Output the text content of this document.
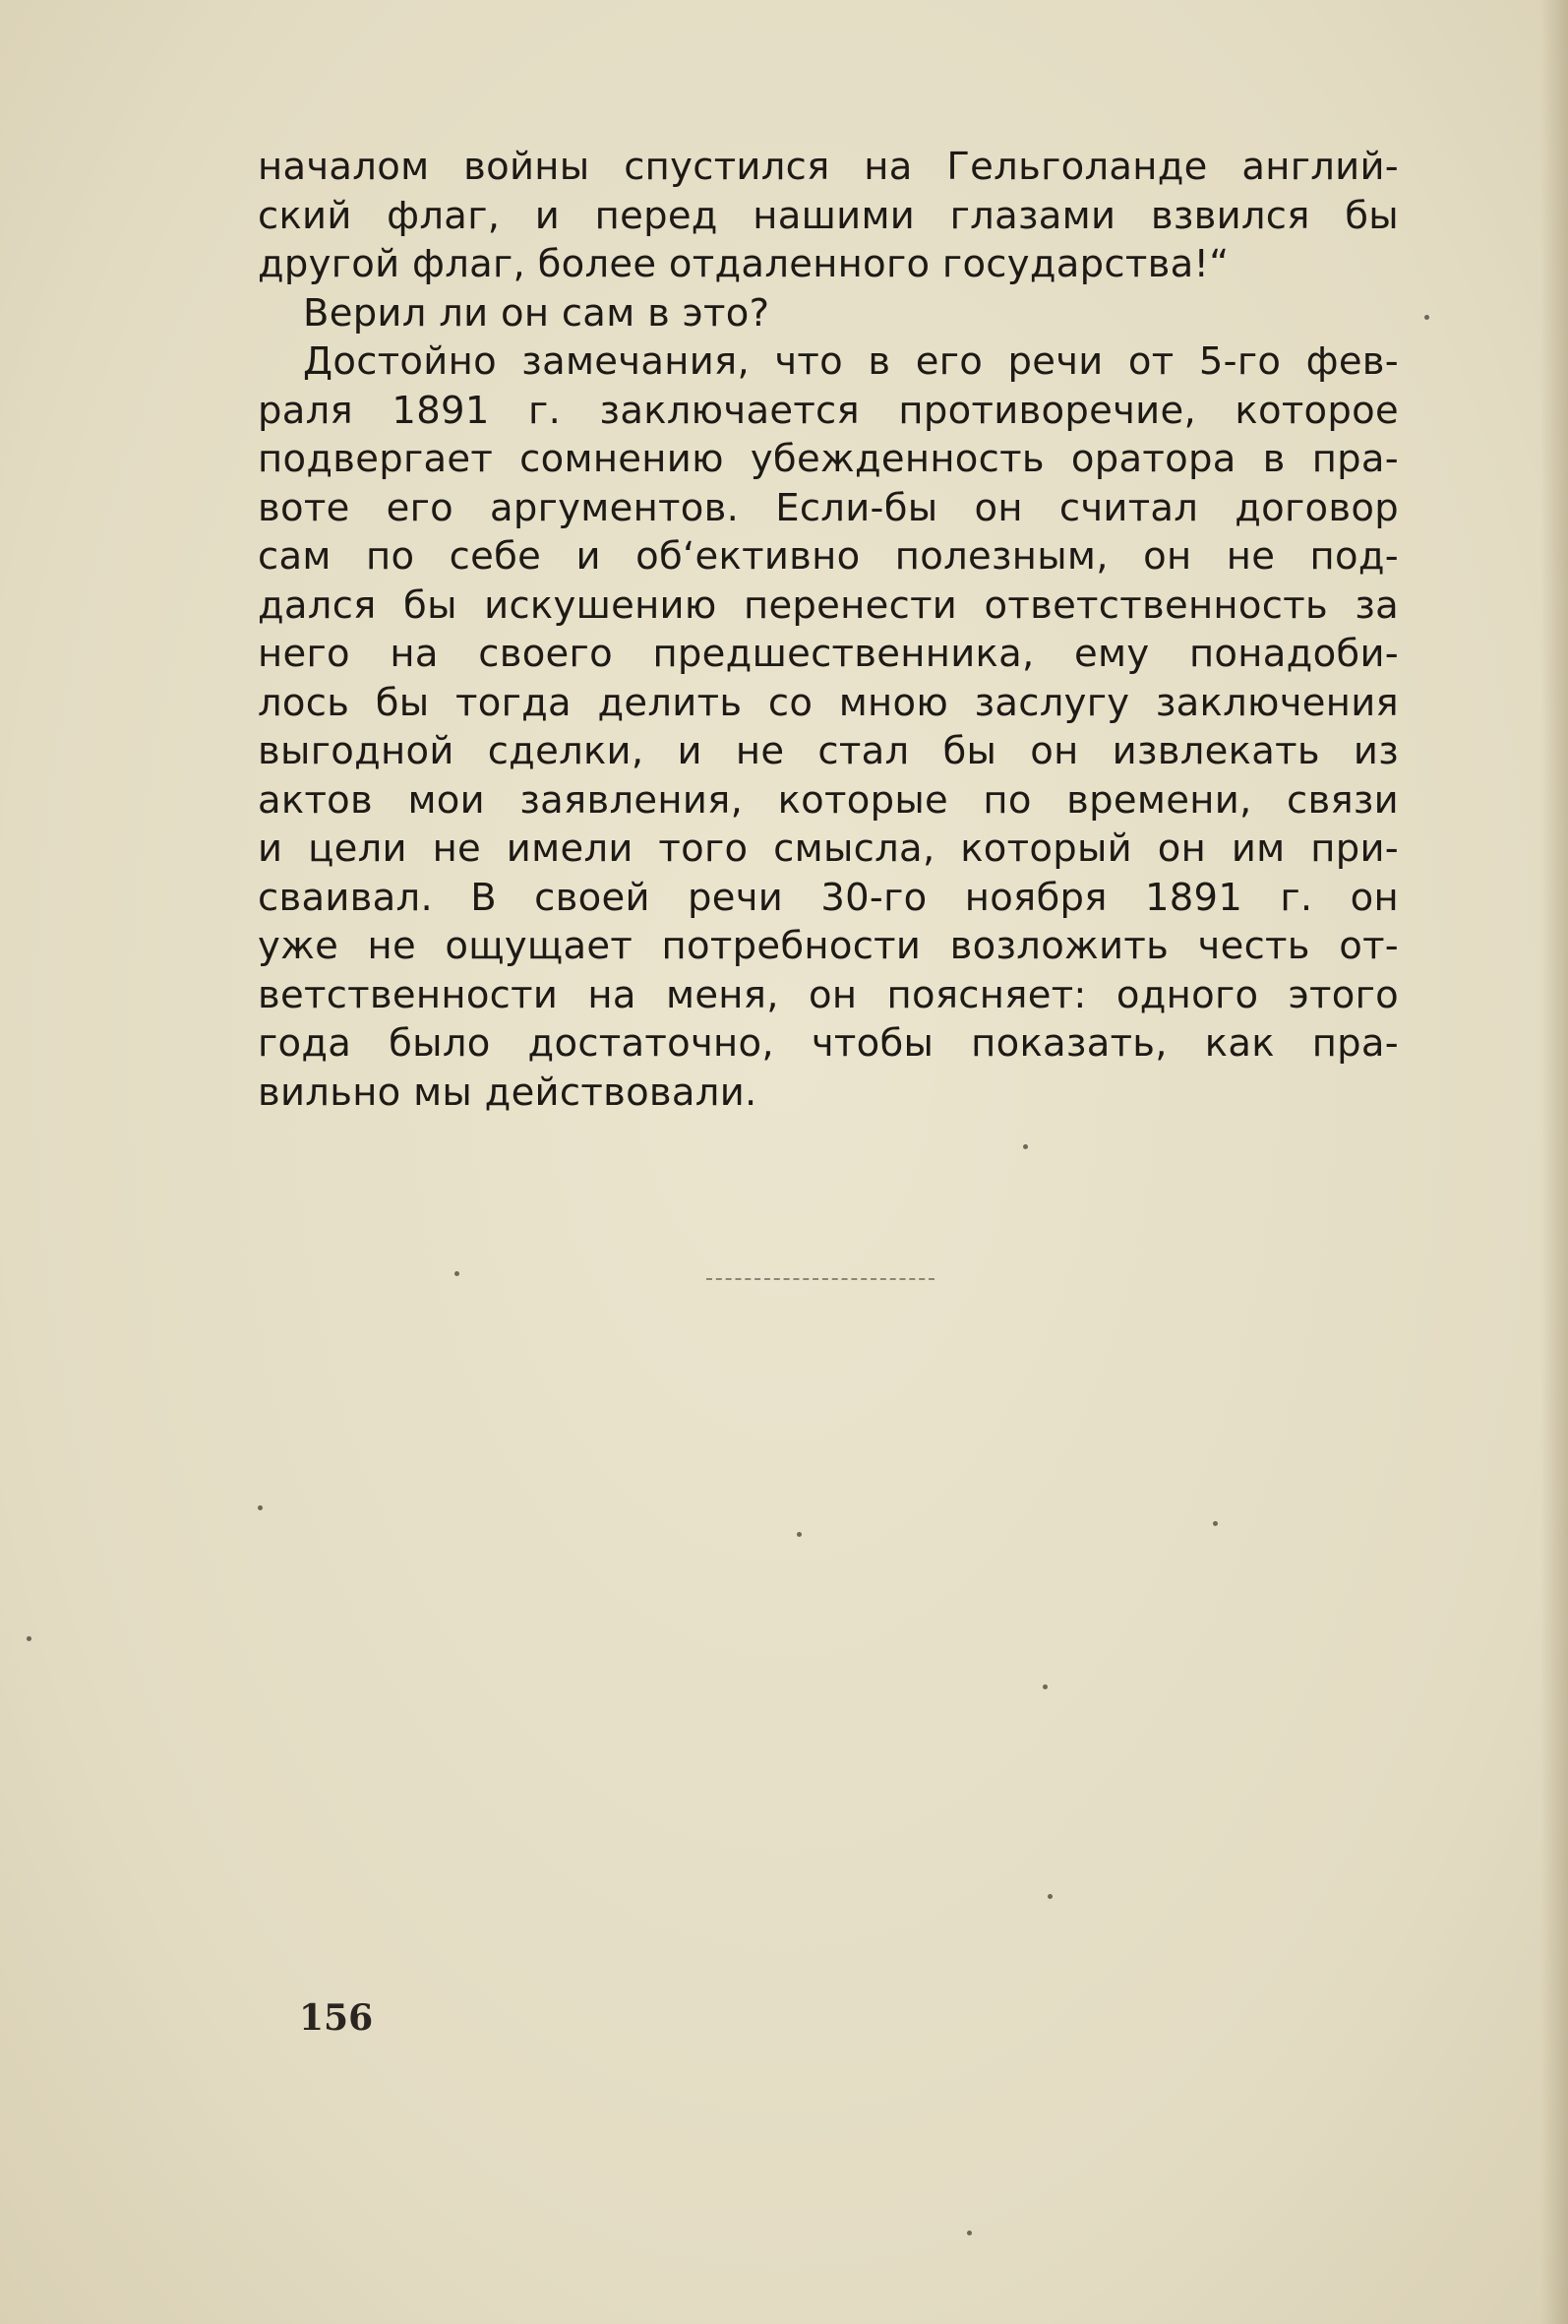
началом войны спустился на Гельголанде англий-
ский флаг, и перед нашими глазами взвился бы
другой флаг, более отдаленного государства!“
Верил ли он сам в это?
Достойно замечания, что в его речи от 5-го фев-
раля 1891 г. заключается противоречие, которое
подвергает сомнению убежденность оратора в пра-
воте его аргументов. Если-бы он считал договор
сам по себе и об‘ективно полезным, он не под-
дался бы искушению перенести ответственность за
него на своего предшественника, ему понадоби-
лось бы тогда делить со мною заслугу заключения
выгодной сделки, и не стал бы он извлекать из
актов мои заявления, которые по времени, связи
и цели не имели того смысла, который он им при-
сваивал. В своей речи 30-го ноября 1891 г. он
уже не ощущает потребности возложить честь от-
ветственности на меня, он поясняет: одного этого
года было достаточно, чтобы показать, как пра-
вильно мы действовали.
156
